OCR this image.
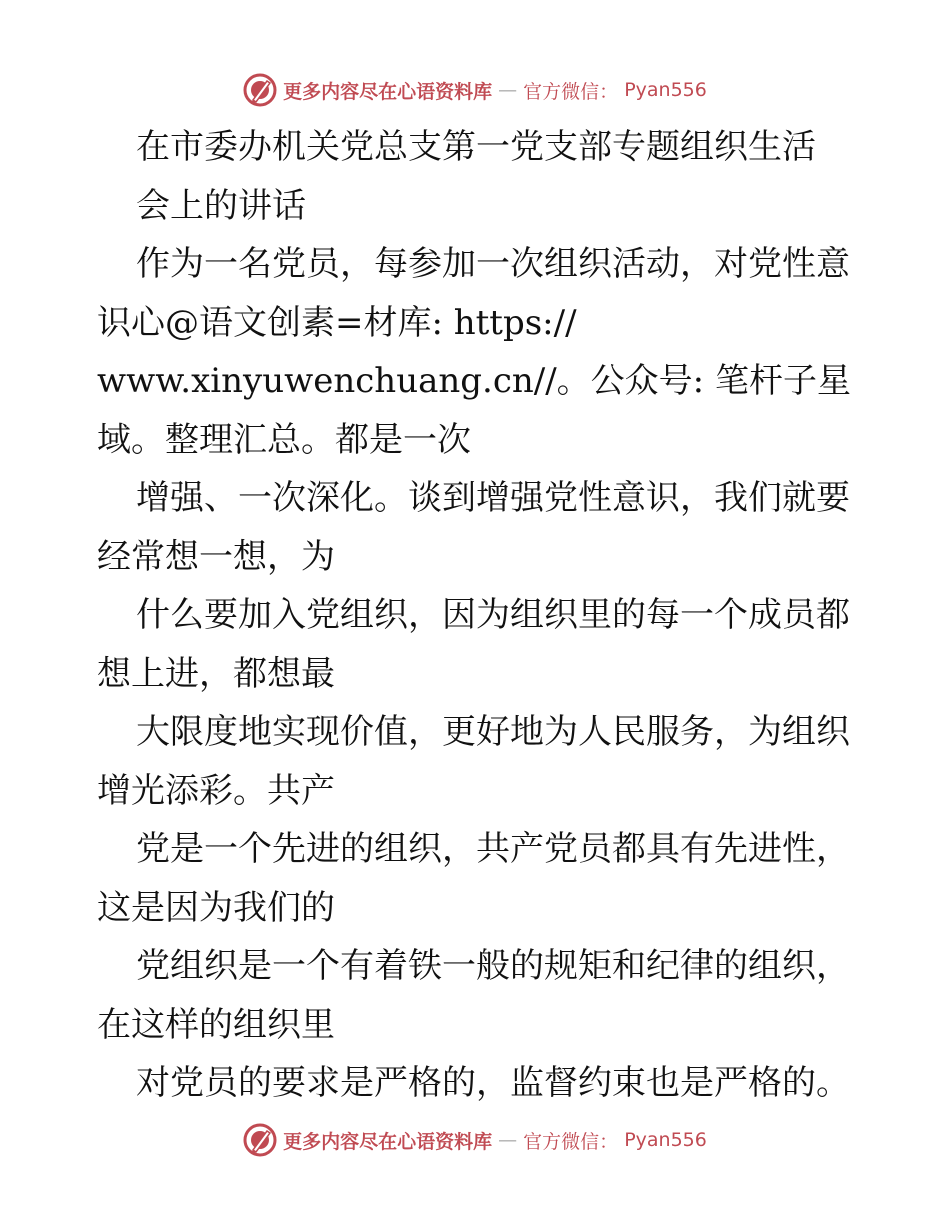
更多内容尽在心语资料库 — 官方微信： Pyan556
在市委办机关党总支第一党支部专题组织生活
会上的讲话
作为一名党员，每参加一次组织活动，对党性意
识心@语文创素=材库: https://
www.xinyuwenchuang.cn//。公众号: 笔杆子星
域。整理汇总。都是一次
增强、一次深化。谈到增强党性意识，我们就要
经常想一想，为
什么要加入党组织，因为组织里的每一个成员都
想上进，都想最
大限度地实现价值，更好地为人民服务，为组织
增光添彩。共产
党是一个先进的组织，共产党员都具有先进性，
这是因为我们的
党组织是一个有着铁一般的规矩和纪律的组织，
在这样的组织里
对党员的要求是严格的，监督约束也是严格的。
更多内容尽在心语资料库 — 官方微信： Pyan556
